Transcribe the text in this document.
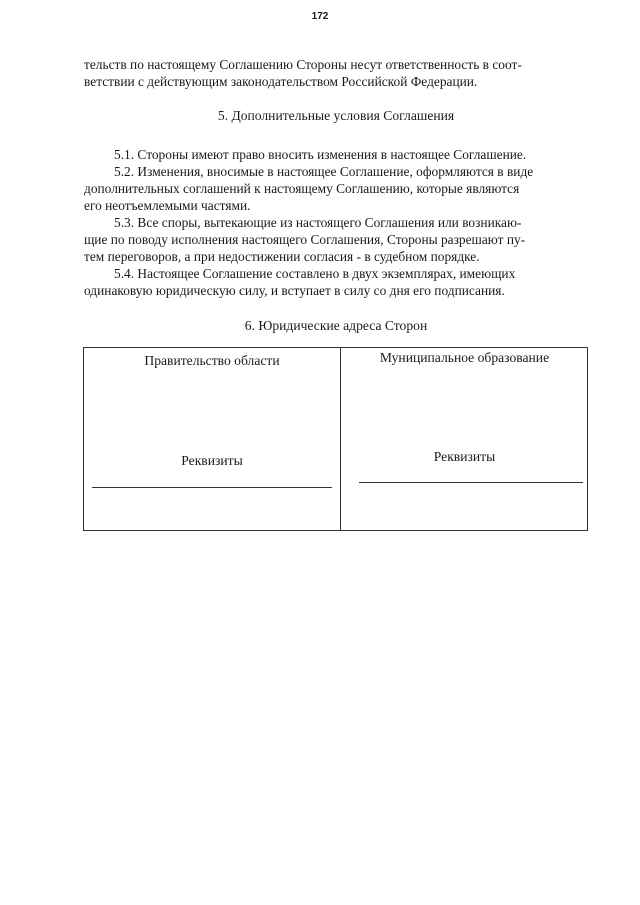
172

тельств по настоящему Соглашению Стороны несут ответственность в соот-

ветствии с действующим законодательством Российской Федерации.

5. Дополнительные условия Соглашения

5.1. Стороны имеют право вносить изменения в настоящее Соглашение.

5.2. Изменения, вносимые в настоящее Соглашение, оформляются в виде

дополнительных соглашений к настоящему Соглашению, которые являются

его неотъемлемыми частями.

5.3. Все споры, вытекающие из настоящего Соглашения или возникаю-

щие по поводу исполнения настоящего Соглашения, Стороны разрешают пу-

тем переговоров, а при недостижении согласия - в судебном порядке.

5.4. Настоящее Соглашение составлено в двух экземплярах, имеющих

одинаковую юридическую силу, и вступает в силу со дня его подписания.

6. Юридические адреса Сторон
Правительство области
Реквизиты
Муниципальное образование
Реквизиты
